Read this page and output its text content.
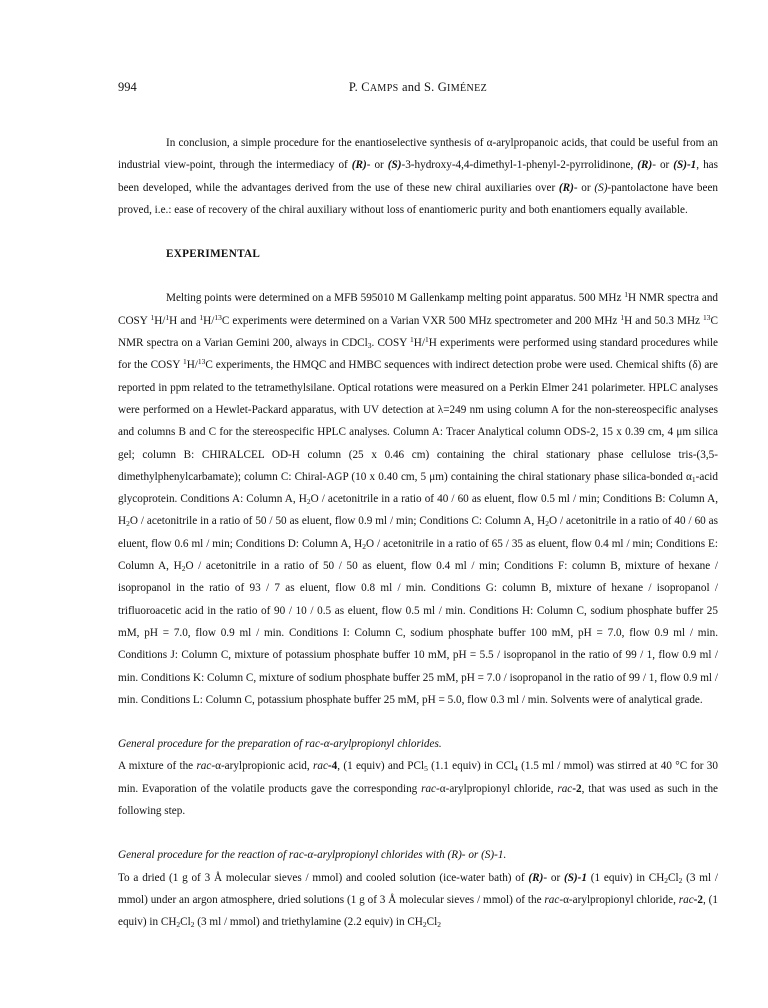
994	P. CAMPS and S. GIMÉNEZ

In conclusion, a simple procedure for the enantioselective synthesis of α-arylpropanoic acids, that could be useful from an industrial view-point, through the intermediacy of (R)- or (S)-3-hydroxy-4,4-dimethyl-1-phenyl-2-pyrrolidinone, (R)- or (S)-1, has been developed, while the advantages derived from the use of these new chiral auxiliaries over (R)- or (S)-pantolactone have been proved, i.e.: ease of recovery of the chiral auxiliary without loss of enantiomeric purity and both enantiomers equally available.

EXPERIMENTAL

Melting points were determined on a MFB 595010 M Gallenkamp melting point apparatus. 500 MHz $^1$H NMR spectra and COSY $^1$H/$^1$H and $^1$H/$^{13}$C experiments were determined on a Varian VXR 500 MHz spectrometer and 200 MHz $^1$H and 50.3 MHz $^{13}$C NMR spectra on a Varian Gemini 200, always in CDCl$_3$. COSY $^1$H/$^1$H experiments were performed using standard procedures while for the COSY $^1$H/$^{13}$C experiments, the HMQC and HMBC sequences with indirect detection probe were used. Chemical shifts (δ) are reported in ppm related to the tetramethylsilane. Optical rotations were measured on a Perkin Elmer 241 polarimeter. HPLC analyses were performed on a Hewlet-Packard apparatus, with UV detection at λ=249 nm using column A for the non-stereospecific analyses and columns B and C for the stereospecific HPLC analyses. Column A: Tracer Analytical column ODS-2, 15 x 0.39 cm, 4 μm silica gel; column B: CHIRALCEL OD-H column (25 x 0.46 cm) containing the chiral stationary phase cellulose tris-(3,5-dimethylphenylcarbamate); column C: Chiral-AGP (10 x 0.40 cm, 5 μm) containing the chiral stationary phase silica-bonded $\alpha_1$-acid glycoprotein. Conditions A: Column A, $H_2O$ / acetonitrile in a ratio of 40 / 60 as eluent, flow 0.5 ml / min; Conditions B: Column A, $H_2O$ / acetonitrile in a ratio of 50 / 50 as eluent, flow 0.9 ml / min; Conditions C: Column A, $H_2O$ / acetonitrile in a ratio of 40 / 60 as eluent, flow 0.6 ml / min; Conditions D: Column A, $H_2O$ / acetonitrile in a ratio of 65 / 35 as eluent, flow 0.4 ml / min; Conditions E: Column A, $H_2O$ / acetonitrile in a ratio of 50 / 50 as eluent, flow 0.4 ml / min; Conditions F: column B, mixture of hexane / isopropanol in the ratio of 93 / 7 as eluent, flow 0.8 ml / min. Conditions G: column B, mixture of hexane / isopropanol / trifluoroacetic acid in the ratio of 90 / 10 / 0.5 as eluent, flow 0.5 ml / min. Conditions H: Column C, sodium phosphate buffer 25 mM, pH = 7.0, flow 0.9 ml / min. Conditions I: Column C, sodium phosphate buffer 100 mM, pH = 7.0, flow 0.9 ml / min. Conditions J: Column C, mixture of potassium phosphate buffer 10 mM, pH = 5.5 / isopropanol in the ratio of 99 / 1, flow 0.9 ml / min. Conditions K: Column C, mixture of sodium phosphate buffer 25 mM, pH = 7.0 / isopropanol in the ratio of 99 / 1, flow 0.9 ml / min. Conditions L: Column C, potassium phosphate buffer 25 mM, pH = 5.0, flow 0.3 ml / min. Solvents were of analytical grade.

General procedure for the preparation of rac-α-arylpropionyl chlorides.

A mixture of the rac-α-arylpropionic acid, rac-4, (1 equiv) and PCl$_5$ (1.1 equiv) in CCl$_4$ (1.5 ml / mmol) was stirred at 40 °C for 30 min. Evaporation of the volatile products gave the corresponding rac-α-arylpropionyl chloride, rac-2, that was used as such in the following step.

General procedure for the reaction of rac-α-arylpropionyl chlorides with (R)- or (S)-1.

To a dried (1 g of 3 Å molecular sieves / mmol) and cooled solution (ice-water bath) of (R)- or (S)-1 (1 equiv) in $CH_2Cl_2$ (3 ml / mmol) under an argon atmosphere, dried solutions (1 g of 3 Å molecular sieves / mmol) of the rac-α-arylpropionyl chloride, rac-2, (1 equiv) in $CH_2Cl_2$ (3 ml / mmol) and triethylamine (2.2 equiv) in $CH_2Cl_2$
